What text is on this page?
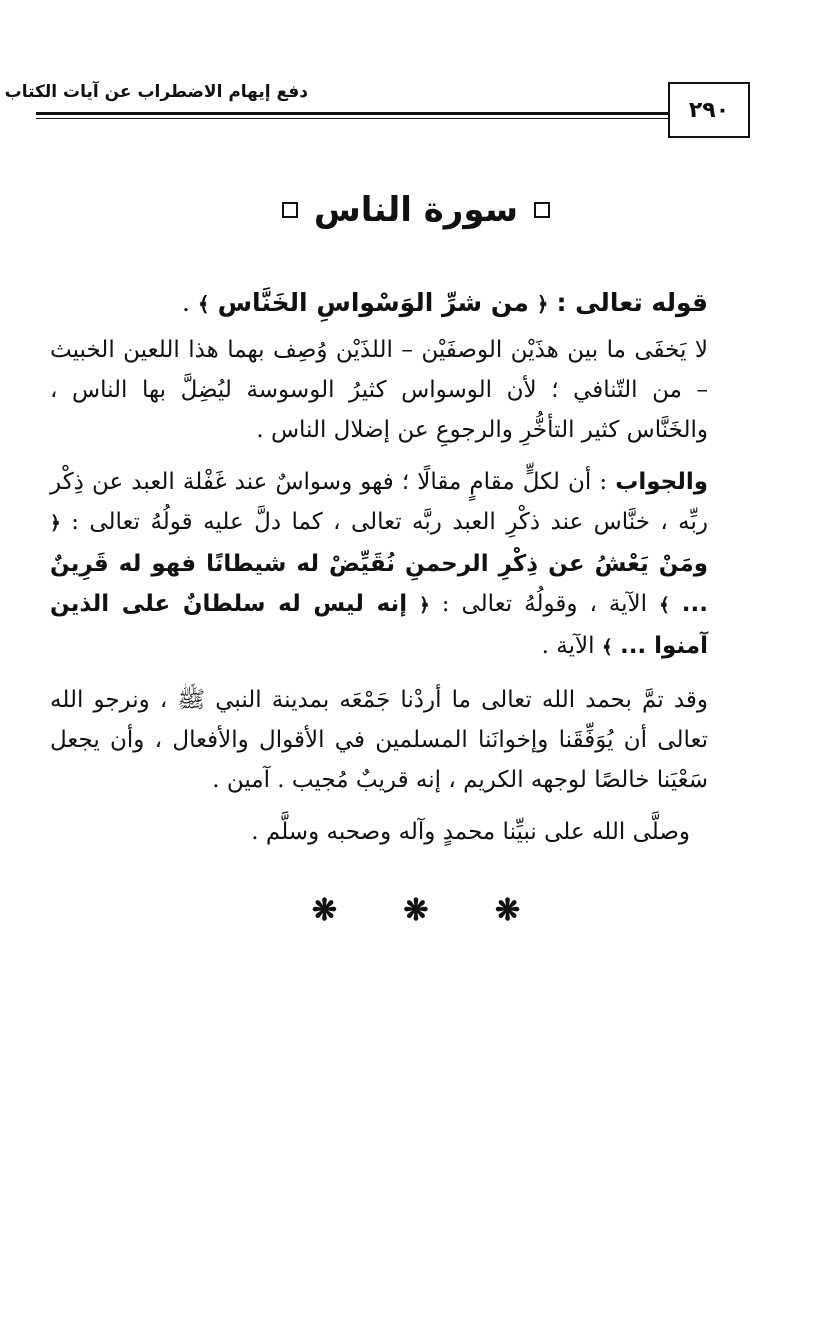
دفع إيهام الاضطراب عن آيات الكتاب
٢٩٠
سورة الناس

قوله تعالى : ﴿ من شرِّ الوَسْواسِ الخَنَّاس ﴾ .

لا يَخفَى ما بين هذَيْن الوصفَيْن – اللذَيْن وُصِف بهما هذا اللعين الخبيث – من التّنافي ؛ لأن الوسواس كثيرُ الوسوسة ليُضِلَّ بها الناس ، والخَنَّاس كثير التأخُّرِ والرجوعِ عن إضلال الناس .

والجواب : أن لكلٍّ مقامٍ مقالًا ؛ فهو وسواسٌ عند غَفْلة العبد عن ذِكْر ربِّه ، خنَّاس عند ذكْرِ العبد ربَّه تعالى ، كما دلَّ عليه قولُهُ تعالى : ﴿ ومَنْ يَعْشُ عن ذِكْرِ الرحمنِ نُقَيِّضْ له شيطانًا فهو له قَرِينٌ ... ﴾ الآية ، وقولُهُ تعالى : ﴿ إنه ليس له سلطانٌ على الذين آمنوا ... ﴾ الآية .

وقد تمَّ بحمد الله تعالى ما أردْنا جَمْعَه بمدينة النبي ﷺ ، ونرجو الله تعالى أن يُوَفِّقَنا وإخوانَنا المسلمين في الأقوال والأفعال ، وأن يجعل سَعْيَنا خالصًا لوجهه الكريم ، إنه قريبٌ مُجيب . آمين .

وصلَّى الله على نبيِّنا محمدٍ وآله وصحبه وسلَّم .

❋ ❋ ❋
